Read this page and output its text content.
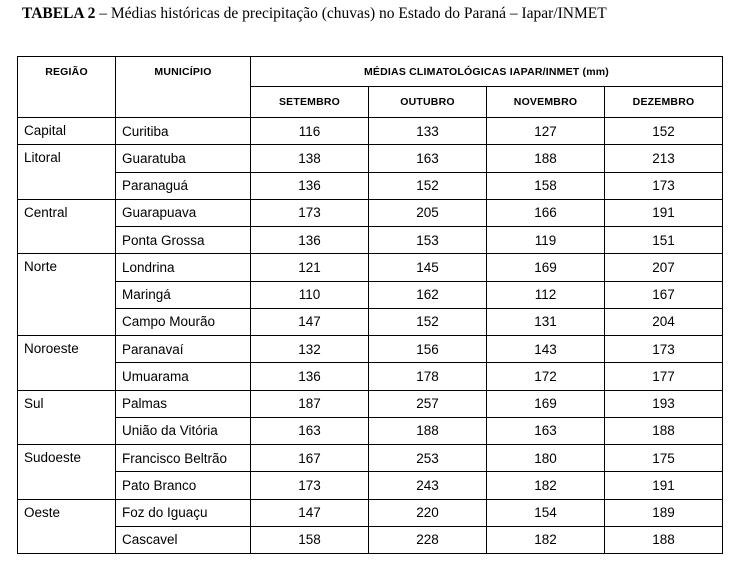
TABELA 2 – Médias históricas de precipitação (chuvas) no Estado do Paraná – Iapar/INMET
REGIÃO	MUNICÍPIO	MÉDIAS CLIMATOLÓGICAS IAPAR/INMET (mm)			
		SETEMBRO	OUTUBRO	NOVEMBRO	DEZEMBRO
Capital	Curitiba	116	133	127	152
Litoral	Guaratuba	138	163	188	213
	Paranaguá	136	152	158	173
Central	Guarapuava	173	205	166	191
	Ponta Grossa	136	153	119	151
Norte	Londrina	121	145	169	207
	Maringá	110	162	112	167
	Campo Mourão	147	152	131	204
Noroeste	Paranavaí	132	156	143	173
	Umuarama	136	178	172	177
Sul	Palmas	187	257	169	193
	União da Vitória	163	188	163	188
Sudoeste	Francisco Beltrão	167	253	180	175
	Pato Branco	173	243	182	191
Oeste	Foz do Iguaçu	147	220	154	189
	Cascavel	158	228	182	188
